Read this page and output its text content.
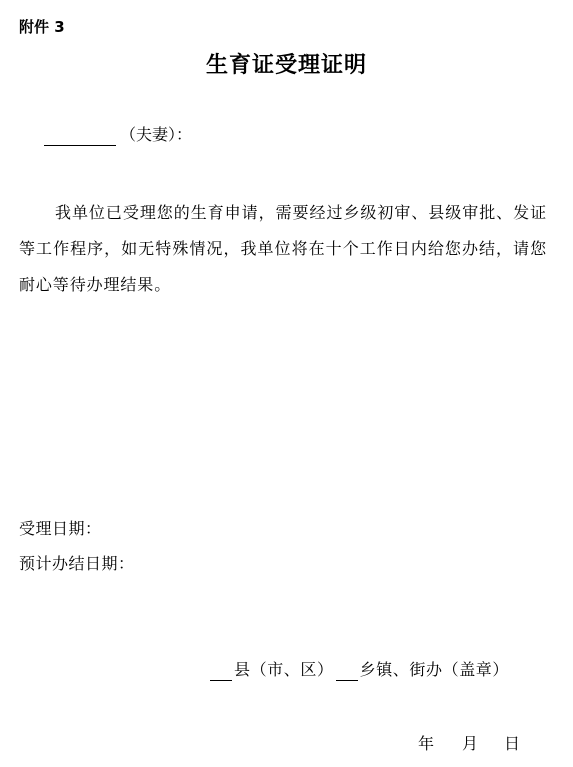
附件 3
生育证受理证明
（夫妻）：
我单位已受理您的生育申请，需要经过乡级初审、县级审批、发证等工作程序，如无特殊情况，我单位将在十个工作日内给您办结，请您耐心等待办理结果。
受理日期：
预计办结日期：
县（市、区） 乡镇、街办（盖章）
年 月 日
